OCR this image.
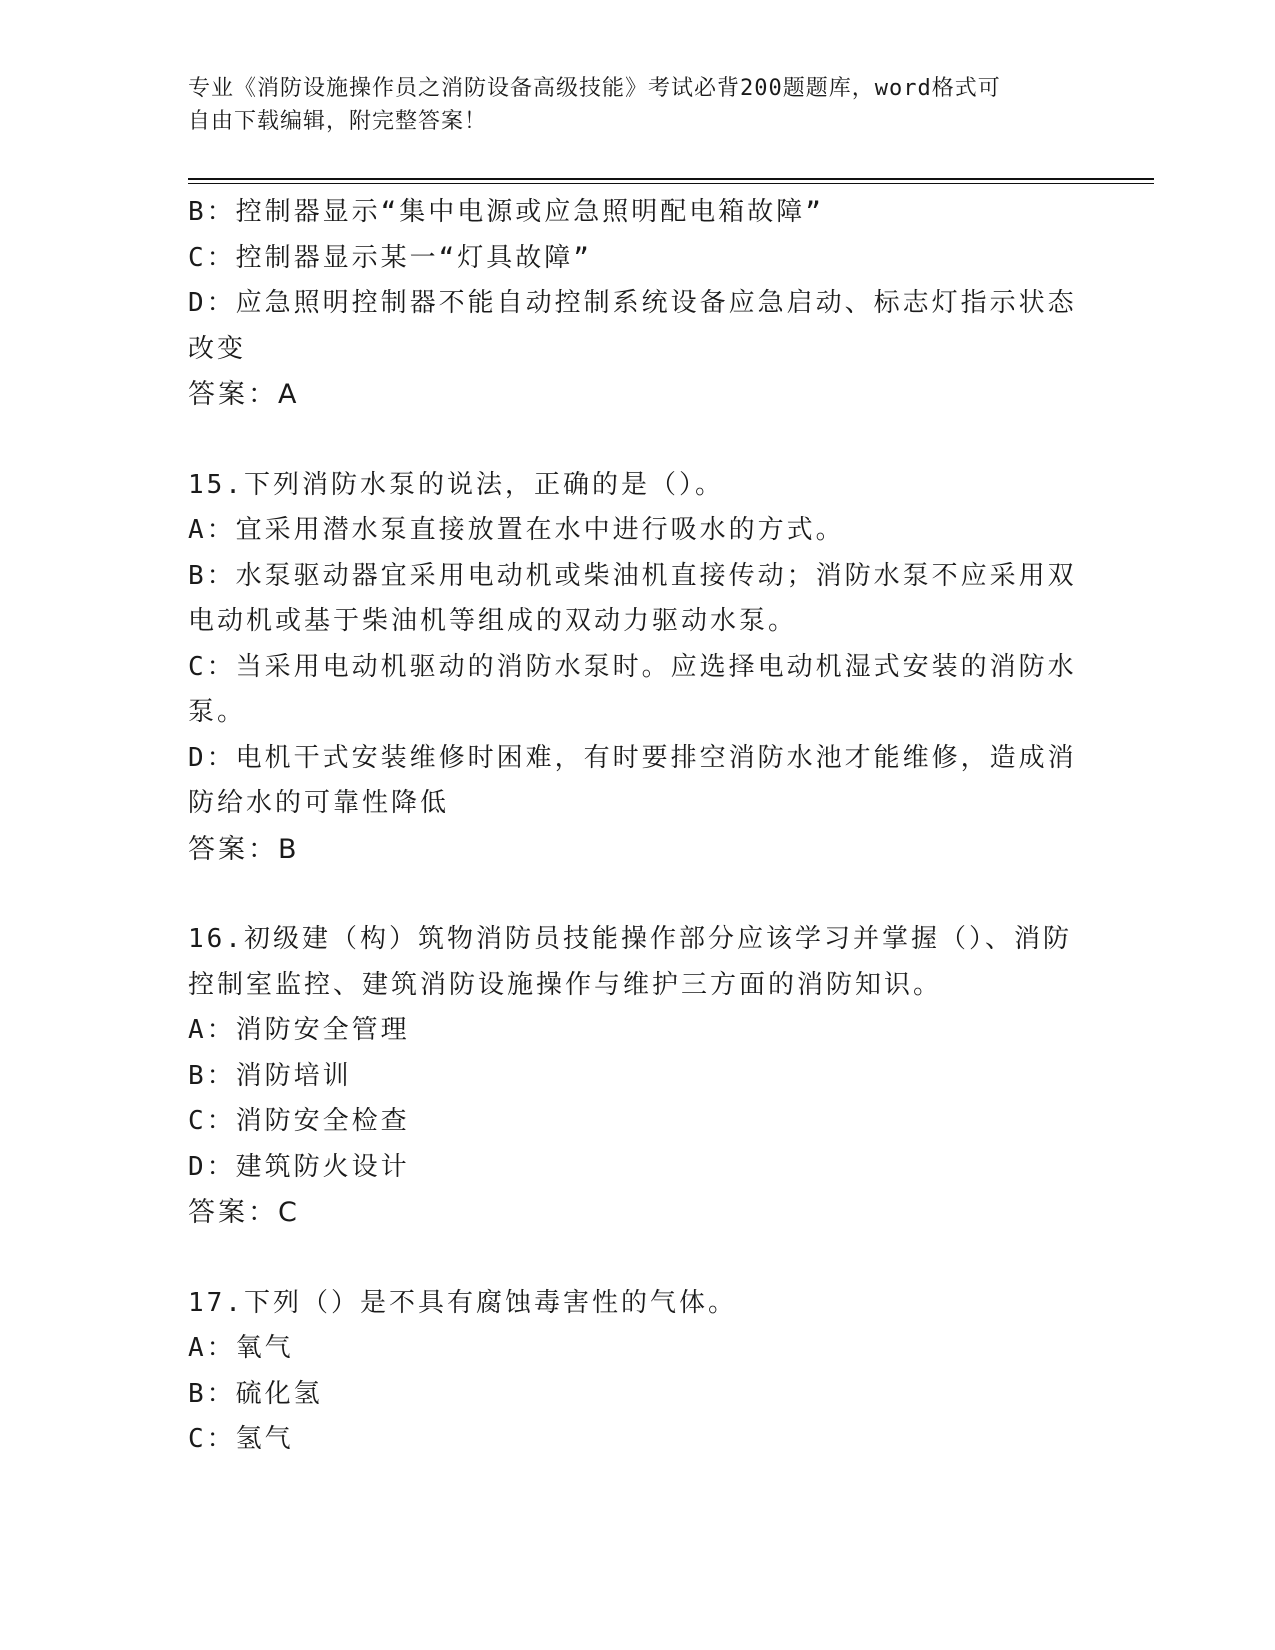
专业《消防设施操作员之消防设备高级技能》考试必背200题题库，word格式可
自由下载编辑，附完整答案！
B：控制器显示“集中电源或应急照明配电箱故障”
C：控制器显示某一“灯具故障”
D：应急照明控制器不能自动控制系统设备应急启动、标志灯指示状态
改变
答案：A
15.下列消防水泵的说法，正确的是（）。
A：宜采用潜水泵直接放置在水中进行吸水的方式。
B：水泵驱动器宜采用电动机或柴油机直接传动；消防水泵不应采用双
电动机或基于柴油机等组成的双动力驱动水泵。
C：当采用电动机驱动的消防水泵时。应选择电动机湿式安装的消防水
泵。
D：电机干式安装维修时困难，有时要排空消防水池才能维修，造成消
防给水的可靠性降低
答案：B
16.初级建（构）筑物消防员技能操作部分应该学习并掌握（）、消防
控制室监控、建筑消防设施操作与维护三方面的消防知识。
A：消防安全管理
B：消防培训
C：消防安全检查
D：建筑防火设计
答案：C
17.下列（）是不具有腐蚀毒害性的气体。
A：氧气
B：硫化氢
C：氢气
